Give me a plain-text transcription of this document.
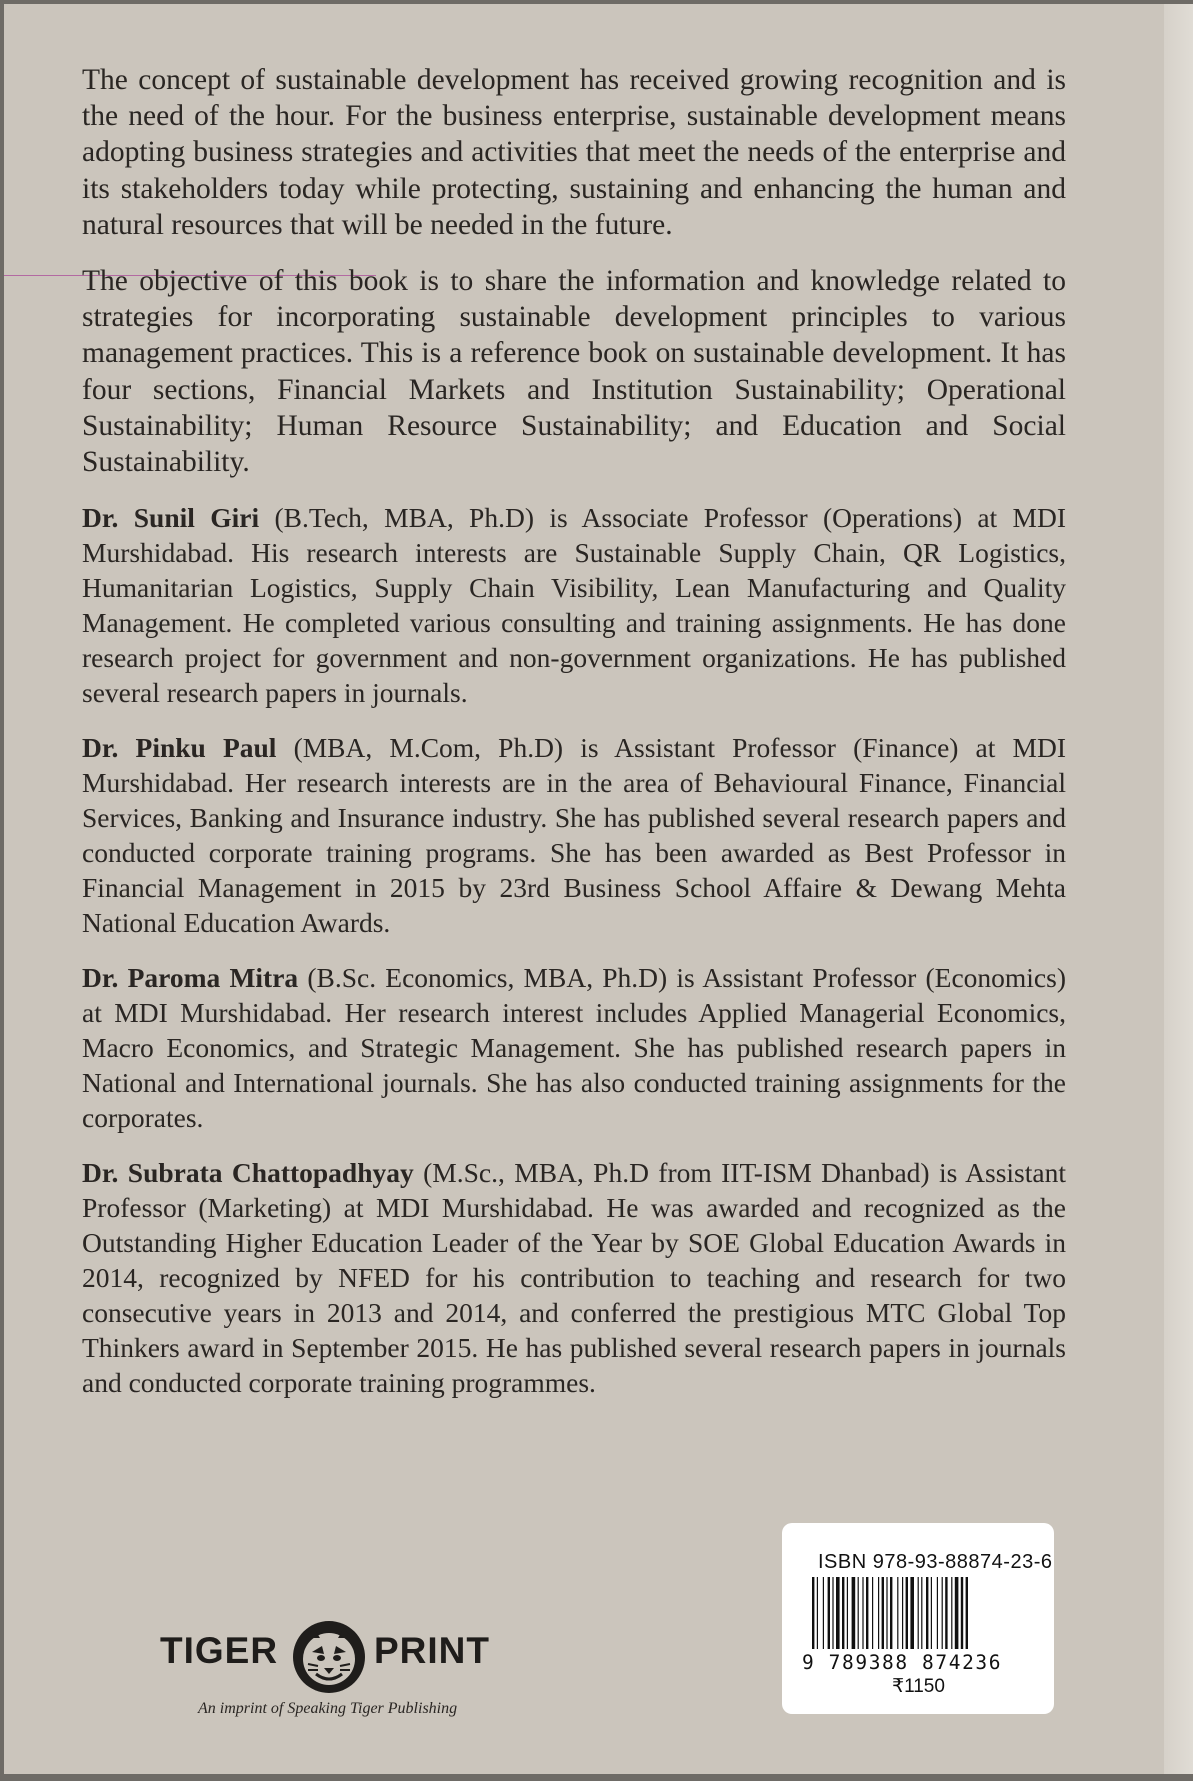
The concept of sustainable development has received growing recognition and is the need of the hour. For the business enterprise, sustainable development means adopting business strategies and activities that meet the needs of the enterprise and its stakeholders today while protecting, sustaining and enhancing the human and natural resources that will be needed in the future.

The objective of this book is to share the information and knowledge related to strategies for incorporating sustainable development principles to various management practices. This is a reference book on sustainable development. It has four sections, Financial Markets and Institution Sustainability; Operational Sustainability; Human Resource Sustainability; and Education and Social Sustainability.

Dr. Sunil Giri (B.Tech, MBA, Ph.D) is Associate Professor (Operations) at MDI Murshidabad. His research interests are Sustainable Supply Chain, QR Logistics, Humanitarian Logistics, Supply Chain Visibility, Lean Manufacturing and Quality Management. He completed various consulting and training assignments. He has done research project for government and non-government organizations. He has published several research papers in journals.

Dr. Pinku Paul (MBA, M.Com, Ph.D) is Assistant Professor (Finance) at MDI Murshidabad. Her research interests are in the area of Behavioural Finance, Financial Services, Banking and Insurance industry. She has published several research papers and conducted corporate training programs. She has been awarded as Best Professor in Financial Management in 2015 by 23rd Business School Affaire & Dewang Mehta National Education Awards.

Dr. Paroma Mitra (B.Sc. Economics, MBA, Ph.D) is Assistant Professor (Economics) at MDI Murshidabad. Her research interest includes Applied Managerial Economics, Macro Economics, and Strategic Management. She has published research papers in National and International journals. She has also conducted training assignments for the corporates.

Dr. Subrata Chattopadhyay (M.Sc., MBA, Ph.D from IIT-ISM Dhanbad) is Assistant Professor (Marketing) at MDI Murshidabad. He was awarded and recognized as the Outstanding Higher Education Leader of the Year by SOE Global Education Awards in 2014, recognized by NFED for his contribution to teaching and research for two consecutive years in 2013 and 2014, and conferred the prestigious MTC Global Top Thinkers award in September 2015. He has published several research papers in journals and conducted corporate training programmes.

TIGER	PRINT
An imprint of Speaking Tiger Publishing
ISBN 978-93-88874-23-6
9 789388 874236
₹1150
